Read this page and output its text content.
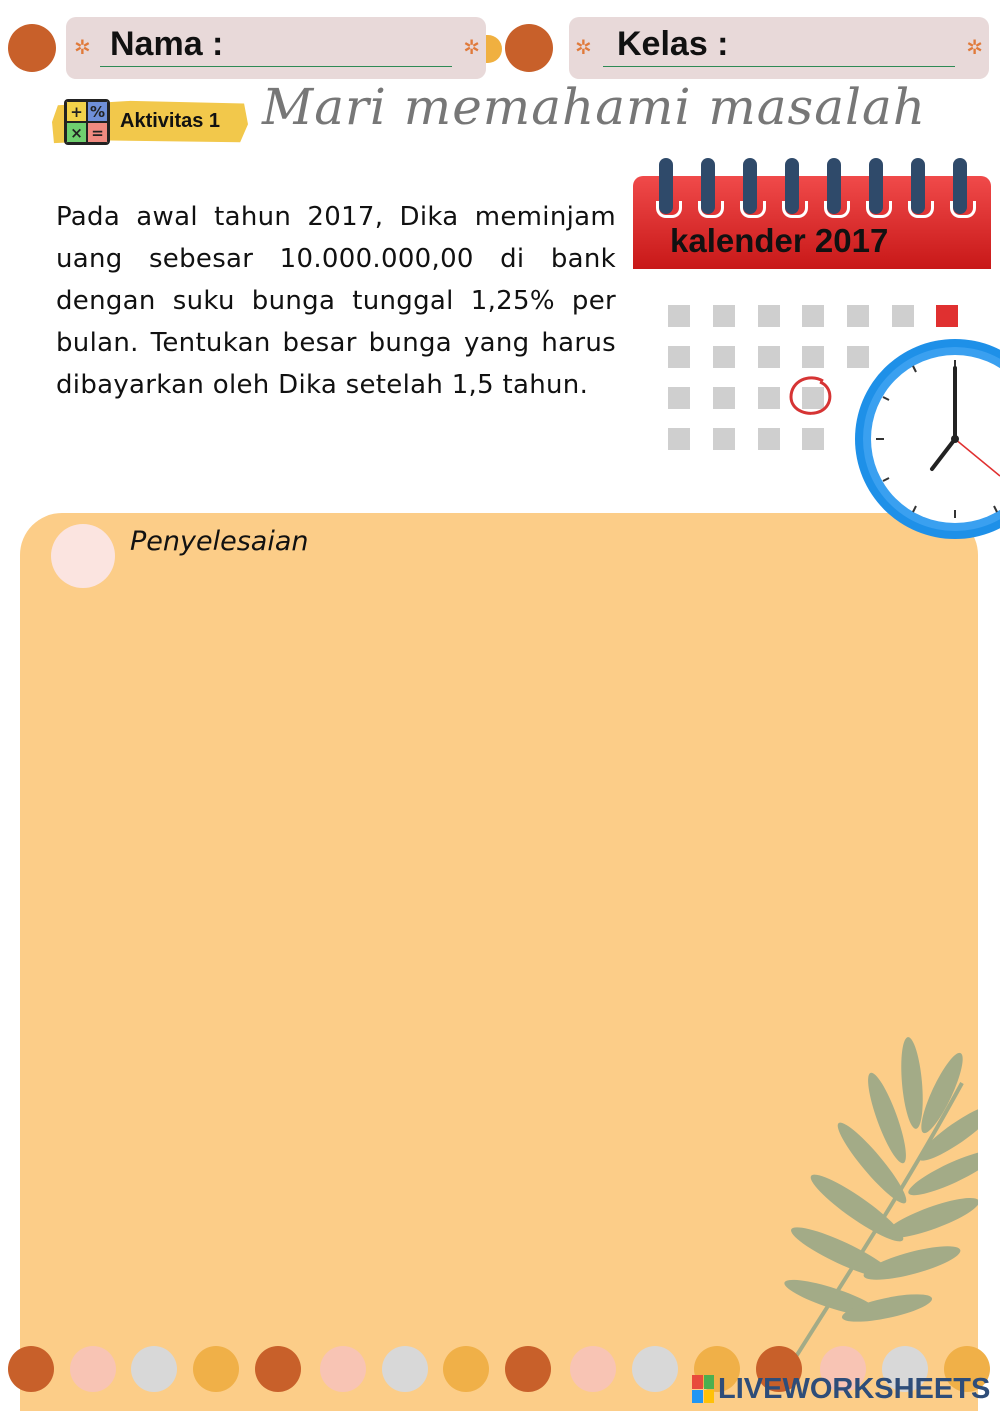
✲ Nama :	✲	✲ Kelas :	✲
+ %
× =
Aktivitas 1 Mari memahami masalah

Pada awal tahun 2017, Dika meminjam uang sebesar 10.000.000,00 di bank dengan suku bunga tunggal 1,25% per bulan. Tentukan besar bunga yang harus dibayarkan oleh Dika setelah 1,5 tahun.

kalender 2017
Penyelesaian
LIVEWORKSHEETS
